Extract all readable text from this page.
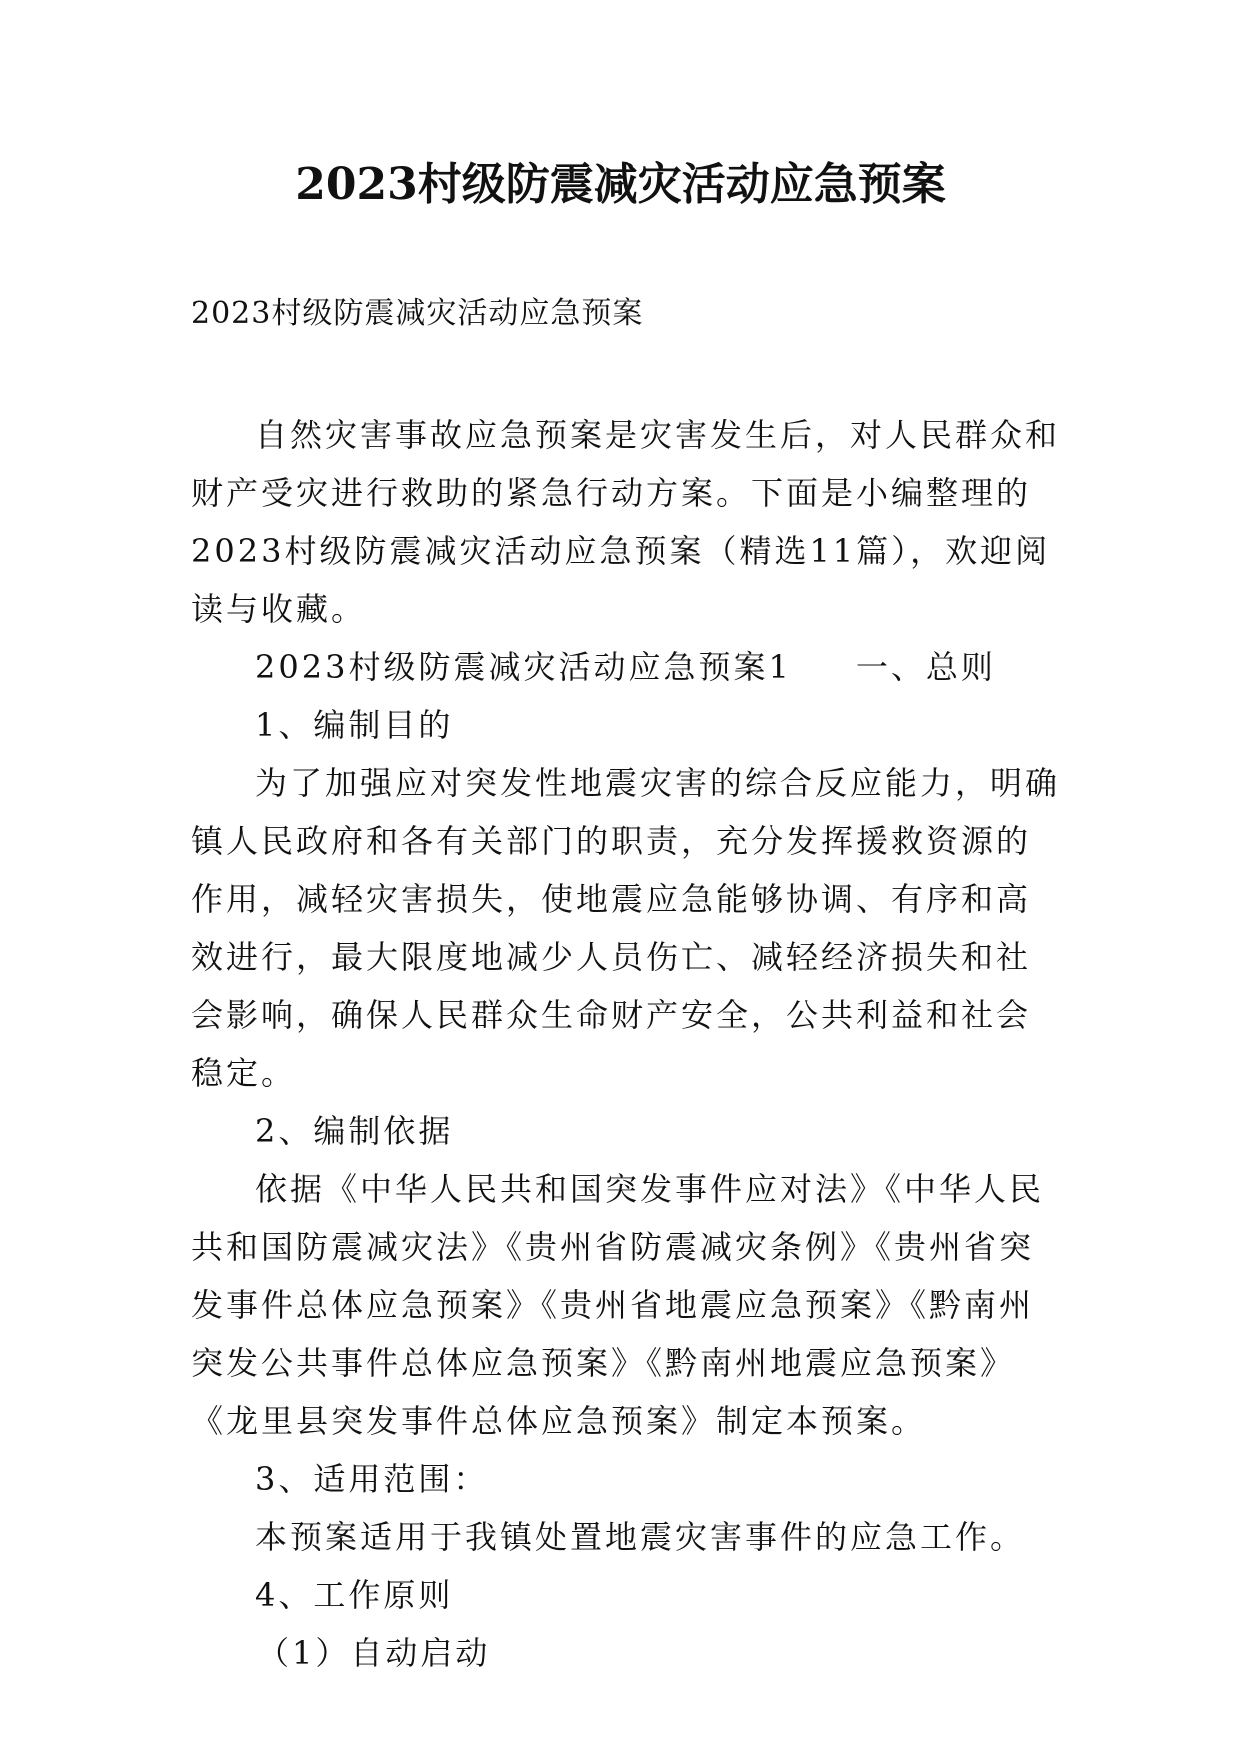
2023村级防震减灾活动应急预案

2023村级防震减灾活动应急预案

自然灾害事故应急预案是灾害发生后，对人民群众和财产受灾进行救助的紧急行动方案。下面是小编整理的2023村级防震减灾活动应急预案（精选11篇），欢迎阅读与收藏。

2023村级防震减灾活动应急预案1 一、总则

1、编制目的

为了加强应对突发性地震灾害的综合反应能力，明确镇人民政府和各有关部门的职责，充分发挥援救资源的作用，减轻灾害损失，使地震应急能够协调、有序和高效进行，最大限度地减少人员伤亡、减轻经济损失和社会影响，确保人民群众生命财产安全，公共利益和社会稳定。

2、编制依据

依据《中华人民共和国突发事件应对法》《中华人民共和国防震减灾法》《贵州省防震减灾条例》《贵州省突发事件总体应急预案》《贵州省地震应急预案》《黔南州突发公共事件总体应急预案》《黔南州地震应急预案》《龙里县突发事件总体应急预案》制定本预案。

3、适用范围：

本预案适用于我镇处置地震灾害事件的应急工作。

4、工作原则

（1）自动启动
